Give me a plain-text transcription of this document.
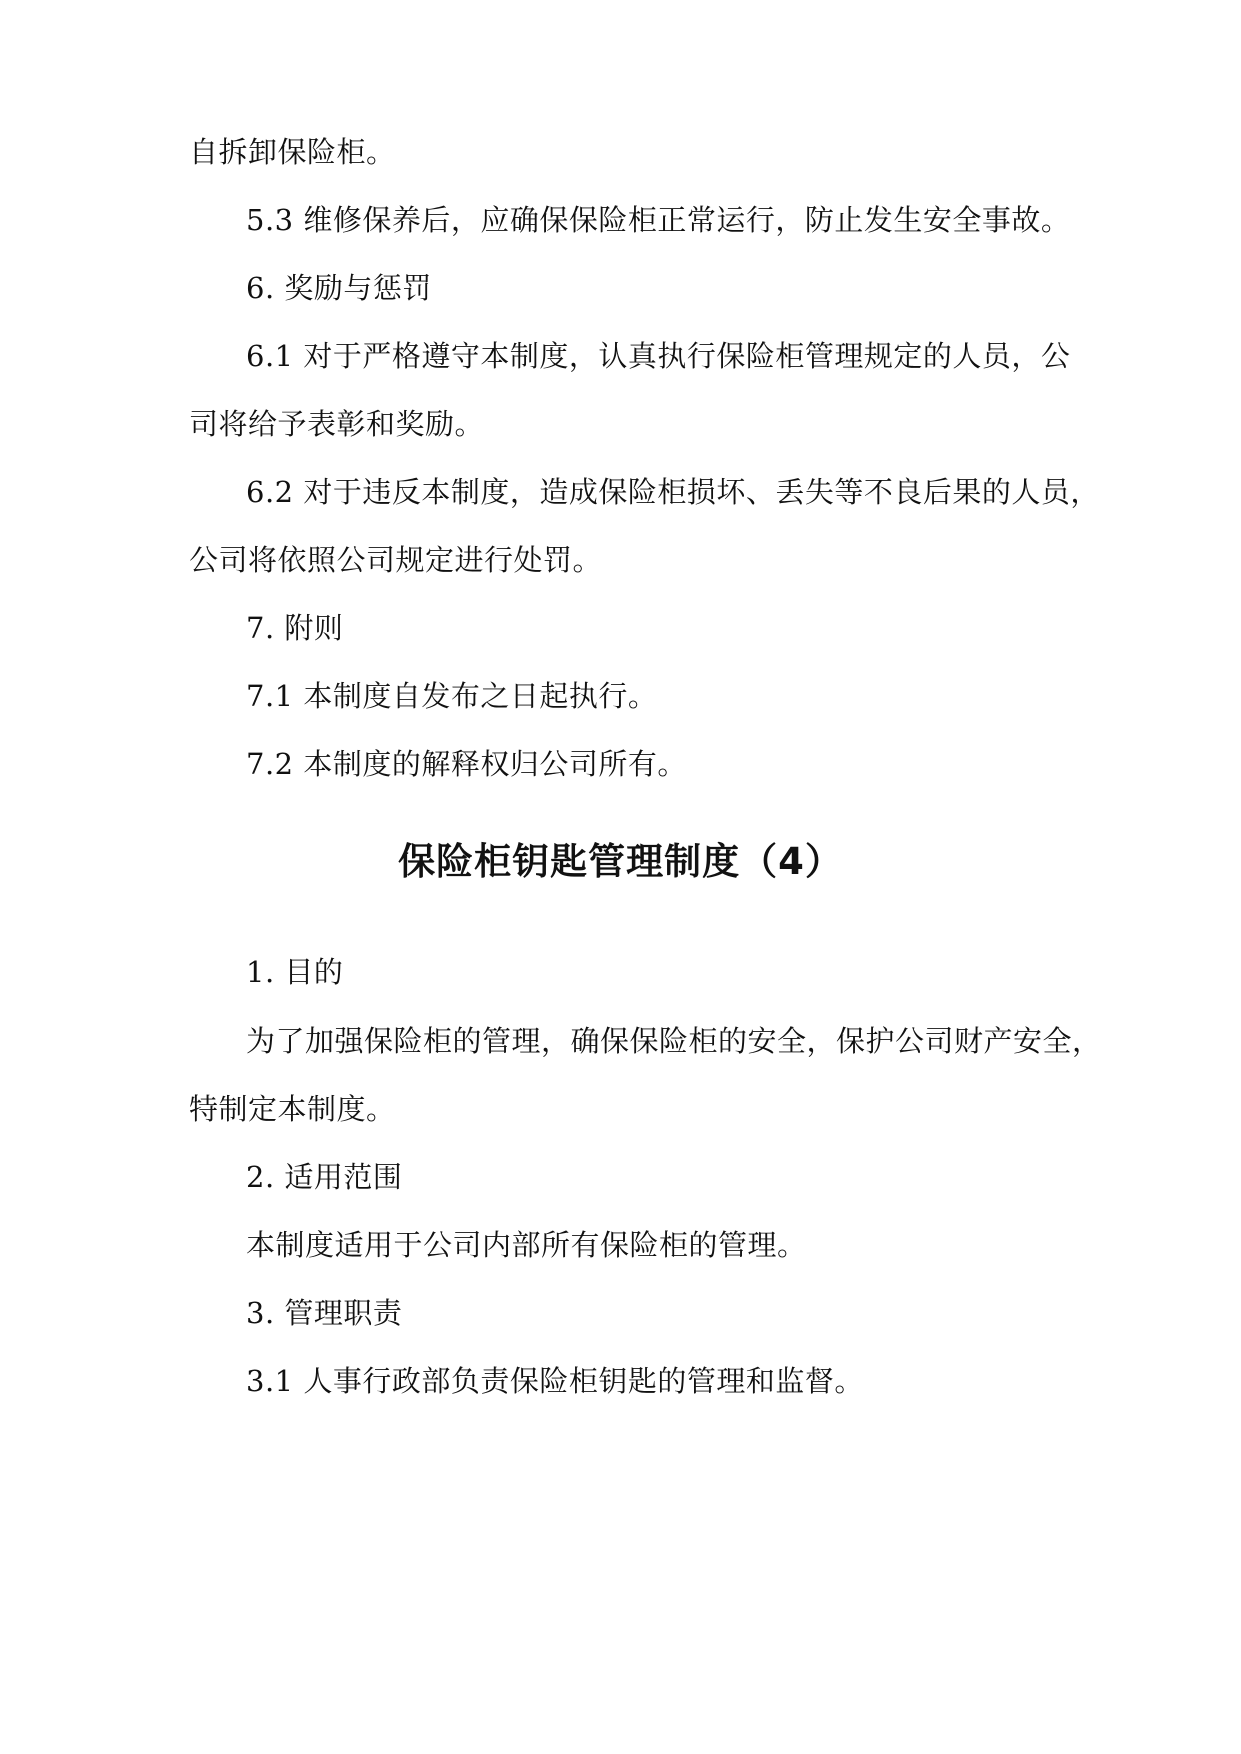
自拆卸保险柜。
5.3 维修保养后，应确保保险柜正常运行，防止发生安全事故。
6. 奖励与惩罚
6.1 对于严格遵守本制度，认真执行保险柜管理规定的人员，公
司将给予表彰和奖励。
6.2 对于违反本制度，造成保险柜损坏、丢失等不良后果的人员，
公司将依照公司规定进行处罚。
7. 附则
7.1 本制度自发布之日起执行。
7.2 本制度的解释权归公司所有。
保险柜钥匙管理制度（4）
1. 目的
为了加强保险柜的管理，确保保险柜的安全，保护公司财产安全，
特制定本制度。
2. 适用范围
本制度适用于公司内部所有保险柜的管理。
3. 管理职责
3.1 人事行政部负责保险柜钥匙的管理和监督。
